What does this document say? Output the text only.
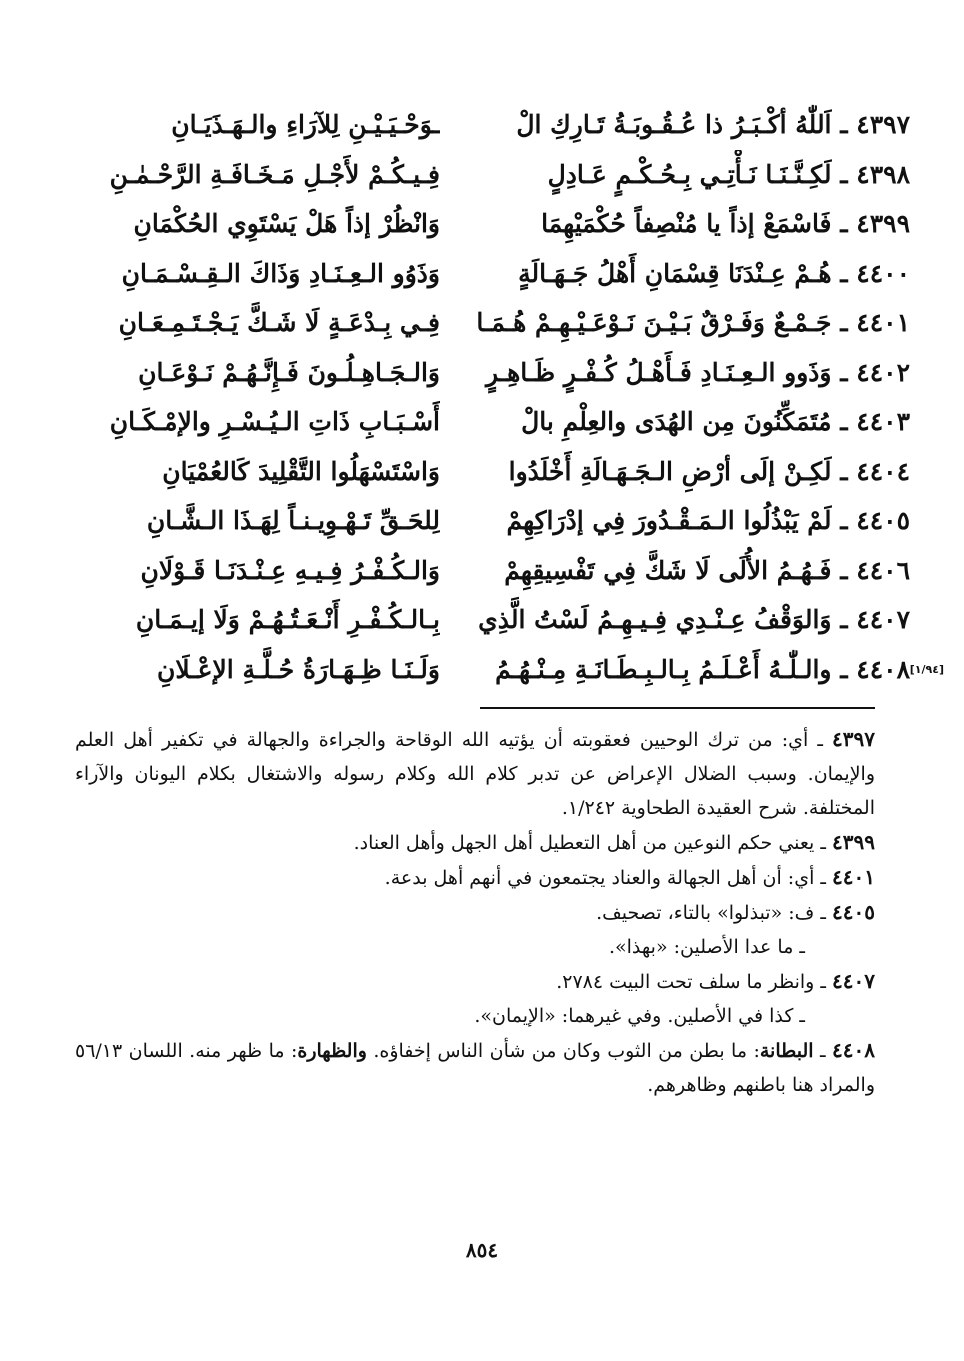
٤٣٩٧ ـ اَللّٰهُ أكْـبَـرُ ذا عُـقُـوبَـةُ تَـارِكِ الْ
ـوَحْـيَـيْـنِ لِلآرَاءِ والـهَـذَيَـانِ
٤٣٩٨ ـ لَكِـنَّـنَـا نَـأْتِـي بِـحُـكْـمٍ عَـادِلٍ
فِـيـكُـمْ لأَجْـلِ مَـخَـافَـةِ الرَّحْـمٰـنِ
٤٣٩٩ ـ فَاسْمَعْ إذاً يا مُنْصِفاً حُكْمَيْهِمَا
وَانْظُرْ إذاً هَلْ يَسْتَوِي الحُكْمَانِ
٤٤٠٠ ـ هُـمْ عِـنْدَنَا قِسْمَانِ أَهْلُ جَـهَـالَةٍ
وَذَوُو الـعِـنَـادِ وَذَاكَ الـقِـسْـمَـانِ
٤٤٠١ ـ جَـمْـعٌ وَفَـرْقٌ بَـيْـنَ نَـوْعَـيْـهِـمْ هُـمَـا
فِـي بِـدْعَـةٍ لَا شَـكَّ يَـجْـتَـمِـعَـانِ
٤٤٠٢ ـ وَذَوو الـعِـنَـادِ فَـأَهْـلُ كُـفْـرٍ ظَـاهِـرٍ
وَالـجَـاهِـلُـونَ فَـإِنَّـهُـمْ نَـوْعَـانِ
٤٤٠٣ ـ مُتَمَكِّنُونَ مِن الهُدَى والعِلْمِ بالْ
أَسْـبَـابِ ذَاتِ الـيُـسْـرِ والإمْـكَـانِ
٤٤٠٤ ـ لَكِـنْ إلَى أرْضِ الـجَـهَـالَةِ أَخْلَدُوا
وَاسْتَسْهَلُوا التَّقْلِيدَ كَالعُمْيَانِ
٤٤٠٥ ـ لَمْ يَبْذُلُوا الـمَـقْـدُورَ فِي إدْرَاكِهِمْ
لِلحَـقِّ تَـهْـوِيـنـاً لِهَـذَا الـشَّـانِ
٤٤٠٦ ـ فَـهُـمُ الأُلَى لَا شَكَّ فِي تَفْسِيقِهِمْ
وَالـكُـفْـرُ فِـيـهِ عِـنْـدَنَـا قَـوْلَانِ
٤٤٠٧ ـ وَالوَقْفُ عِـنْـدِي فِـيـهِـمُ لَسْتُ الَّذِي
بِـالـكُـفْـرِ أَنْـعَـتُـهُـمْ وَلَا إيـمَـانِ
[١/٩٤]
٤٤٠٨ ـ والـلّٰـهُ أَعْـلَـمُ بِـالـبِـطَـانَـةِ مِـنْـهُـمُ
وَلَـنَـا ظِـهَـارَةُ حُـلَّـةِ الإعْـلَانِ
٤٣٩٧ ـ أي: من ترك الوحيين فعقوبته أن يؤتيه الله الوقاحة والجراءة والجهالة في تكفير أهل العلم والإيمان. وسبب الضلال الإعراض عن تدبر كلام الله وكلام رسوله والاشتغال بكلام اليونان والآراء المختلفة. شرح العقيدة الطحاوية ١/٢٤٢.
٤٣٩٩ ـ يعني حكم النوعين من أهل التعطيل أهل الجهل وأهل العناد.
٤٤٠١ ـ أي: أن أهل الجهالة والعناد يجتمعون في أنهم أهل بدعة.
٤٤٠٥ ـ ف: «تبذلوا» بالتاء، تصحيف.
ـ ما عدا الأصلين: «بهذا».
٤٤٠٧ ـ وانظر ما سلف تحت البيت ٢٧٨٤.
ـ كذا في الأصلين. وفي غيرهما: «الإيمان».
٤٤٠٨ ـ البطانة: ما بطن من الثوب وكان من شأن الناس إخفاؤه. والظهارة: ما ظهر منه. اللسان ٥٦/١٣ والمراد هنا باطنهم وظاهرهم.
٨٥٤
